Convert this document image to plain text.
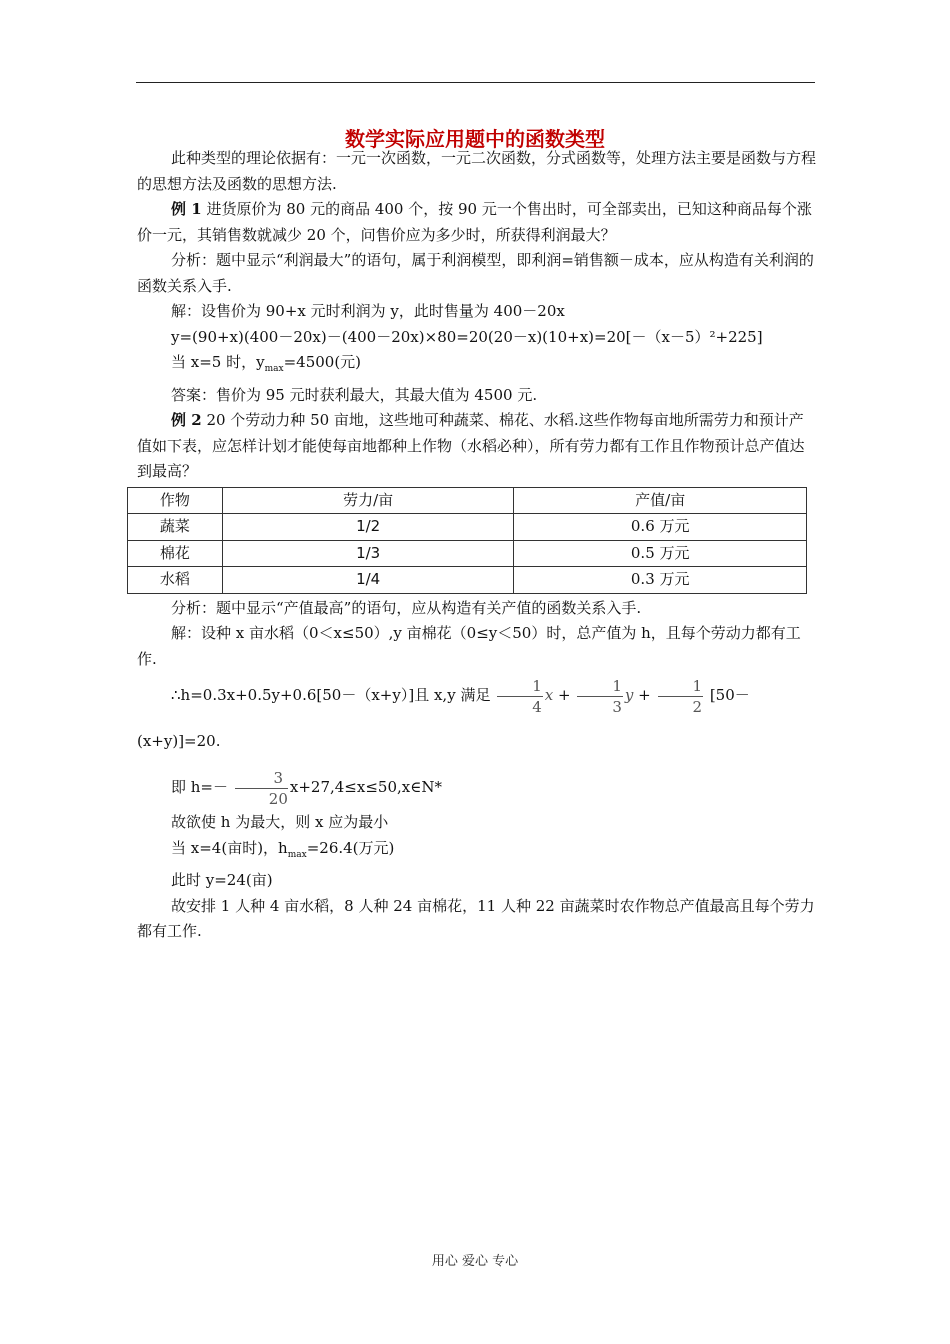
数学实际应用题中的函数类型

此种类型的理论依据有：一元一次函数，一元二次函数，分式函数等，处理方法主要是函数与方程的思想方法及函数的思想方法.

例 1 进货原价为 80 元的商品 400 个，按 90 元一个售出时，可全部卖出，已知这种商品每个涨价一元，其销售数就减少 20 个，问售价应为多少时，所获得利润最大？

分析：题中显示“利润最大”的语句，属于利润模型，即利润=销售额－成本，应从构造有关利润的函数关系入手.

解：设售价为 90+x 元时利润为 y，此时售量为 400－20x

y=(90+x)(400－20x)－(400－20x)×80=20(20－x)(10+x)=20[－（x－5）²+225]

当 x=5 时，$y_{max}=4500$(元)

答案：售价为 95 元时获利最大，其最大值为 4500 元.

例 2 20 个劳动力种 50 亩地，这些地可种蔬菜、棉花、水稻.这些作物每亩地所需劳力和预计产值如下表，应怎样计划才能使每亩地都种上作物（水稻必种），所有劳力都有工作且作物预计总产值达到最高？

作物	劳力/亩	产值/亩
蔬菜	1/2	0.6 万元
棉花	1/3	0.5 万元
水稻	1/4	0.3 万元

分析：题中显示“产值最高”的语句，应从构造有关产值的函数关系入手.

解：设种 x 亩水稻（0＜x≤50）,y 亩棉花（0≤y＜50）时，总产值为 h，且每个劳动力都有工作.

∴h=0.3x+0.5y+0.6[50－（x+y）]且 x,y 满足 $\frac{1}{4}$ $x + \frac{1}{3}$ $y + \frac{1}{2} [50-(x+y)]=20$.

即 $h=- \frac{3}{20}$ x+27,4≤x≤50,x∈N*

故欲使 h 为最大，则 x 应为最小

当 x=4(亩时)，$h_{max}=26.4$(万元)

此时 y=24(亩)

故安排 1 人种 4 亩水稻，8 人种 24 亩棉花，11 人种 22 亩蔬菜时农作物总产值最高且每个劳力都有工作.

用心 爱心 专心
